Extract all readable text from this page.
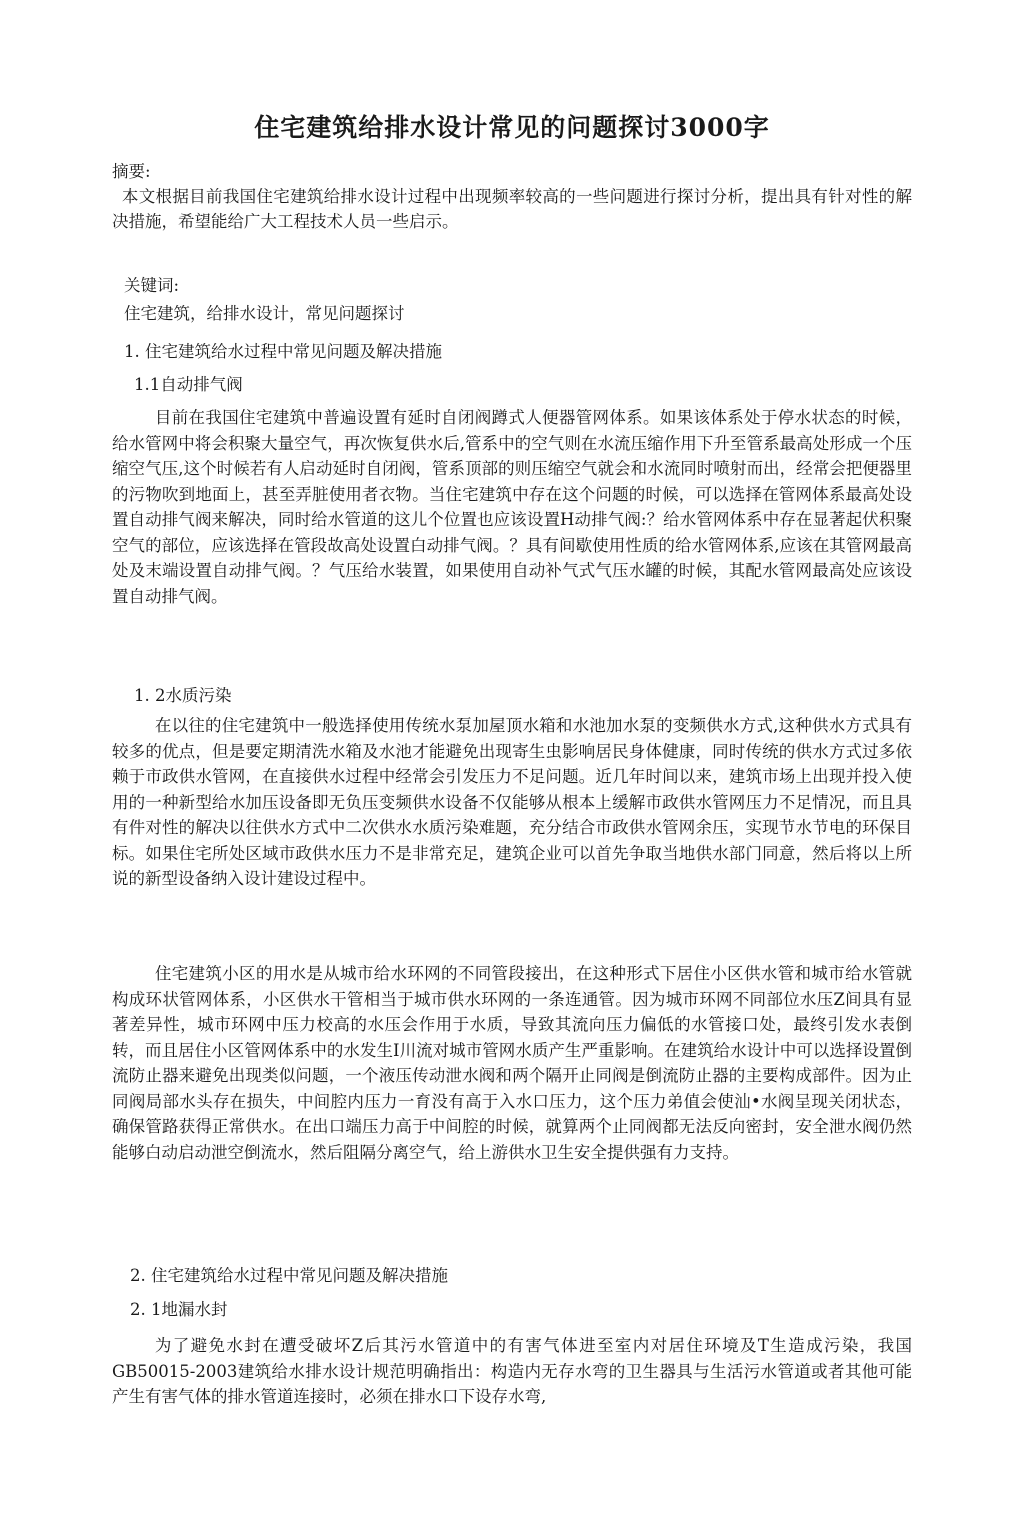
住宅建筑给排水设计常见的问题探讨3000字
摘要:

本文根据目前我国住宅建筑给排水设计过程中出现频率较高的一些问题进行探讨分析，提出具有针对性的解决措施，希望能给广大工程技术人员一些启示。

关键词:
住宅建筑，给排水设计，常见问题探讨
1. 住宅建筑给水过程中常见问题及解决措施
1.1自动排气阀

目前在我国住宅建筑中普遍设置有延时自闭阀蹲式人便器管网体系。如果该体系处于停水状态的时候，给水管网中将会积聚大量空气，再次恢复供水后,管系中的空气则在水流压缩作用下升至管系最高处形成一个压缩空气压,这个时候若有人启动延时自闭阀，管系顶部的则压缩空气就会和水流同时喷射而出，经常会把便器里的污物吹到地面上，甚至弄脏使用者衣物。当住宅建筑中存在这个问题的时候，可以选择在管网体系最高处设置自动排气阀来解决，同时给水管道的这儿个位置也应该设置H动排气阀:？给水管网体系中存在显著起伏积聚空气的部位，应该选择在管段故高处设置白动排气阀。？具有间歇使用性质的给水管网体系,应该在其管网最高处及末端设置自动排气阀。？气压给水装置，如果使用自动补气式气压水罐的时候，其配水管网最高处应该设置自动排气阀。

1. 2水质污染

在以往的住宅建筑中一般选择使用传统水泵加屋顶水箱和水池加水泵的变频供水方式,这种供水方式具有较多的优点，但是要定期清洗水箱及水池才能避免出现寄生虫影响居民身体健康，同时传统的供水方式过多依赖于市政供水管网，在直接供水过程中经常会引发压力不足问题。近几年时间以来，建筑市场上出现并投入使用的一种新型给水加压设备即无负压变频供水设备不仅能够从根本上缓解市政供水管网压力不足情况，而且具有件对性的解决以往供水方式中二次供水水质污染难题，充分结合市政供水管网余压，实现节水节电的环保目标。如果住宅所处区域市政供水压力不是非常充足，建筑企业可以首先争取当地供水部门同意，然后将以上所说的新型设备纳入设计建设过程中。

住宅建筑小区的用水是从城市给水环网的不同管段接出，在这种形式下居住小区供水管和城市给水管就构成环状管网体系，小区供水干管相当于城市供水环网的一条连通管。因为城市环网不同部位水压Z间具有显著差异性，城市环网中压力校高的水压会作用于水质，导致其流向压力偏低的水管接口处，最终引发水表倒转，而且居住小区管网体系中的水发生I川流对城市管网水质产生严重影响。在建筑给水设计中可以选择设置倒流防止器来避免出现类似问题，一个液压传动泄水阀和两个隔开止同阀是倒流防止器的主要构成部件。因为止同阀局部水头存在损失，中间腔内压力一育没有高于入水口压力，这个压力弟值会使汕•水阀呈现关闭状态，确保管路获得正常供水。在出口端压力高于中间腔的时候，就算两个止同阀都无法反向密封，安全泄水阀仍然能够白动启动泄空倒流水，然后阻隔分离空气，给上游供水卫生安全提供强有力支持。

2. 住宅建筑给水过程中常见问题及解决措施
2. 1地漏水封

为了避免水封在遭受破坏Z后其污水管道中的有害气体进至室内对居住环境及T生造成污染，我国GB50015-2003建筑给水排水设计规范明确指出：构造内无存水弯的卫生器具与生活污水管道或者其他可能产生有害气体的排水管道连接时，必须在排水口下设存水弯,
